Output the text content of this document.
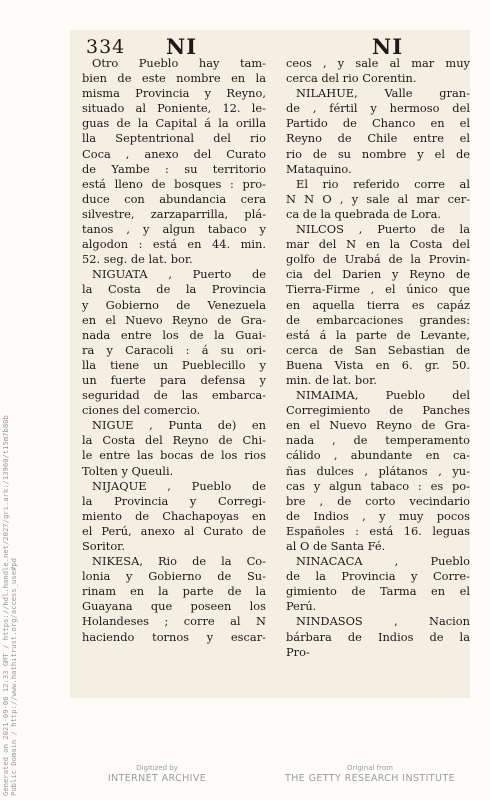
334 NI	NI
Otro Pueblo hay tam-
bien de este nombre en la
misma Provincia y Reyno,
situado al Poniente, 12. le-
guas de la Capital á la orilla
lla Septentrional del rio
Coca , anexo del Curato
de Yambe : su territorio
está lleno de bosques : pro-
duce con abundancia cera
silvestre, zarzaparrilla, plá-
tanos , y algun tabaco y
algodon : está en 44. min.
52. seg. de lat. bor.
NIGUATA , Puerto de
la Costa de la Provincia
y Gobierno de Venezuela
en el Nuevo Reyno de Gra-
nada entre los de la Guai-
ra y Caracoli : á su ori-
lla tiene un Pueblecillo y
un fuerte para defensa y
seguridad de las embarca-
ciones del comercio.
NIGUE , Punta de) en
la Costa del Reyno de Chi-
le entre las bocas de los rios
Tolten y Queuli.
NIJAQUE , Pueblo de
la Provincia y Corregi-
miento de Chachapoyas en
el Perú, anexo al Curato de
Soritor.
NIKESA, Rio de la Co-
lonia y Gobierno de Su-
rinam en la parte de la
Guayana que poseen los
Holandeses ; corre al N
haciendo tornos y escar-
ceos , y sale al mar muy
cerca del rio Corentin.
NILAHUE, Valle gran-
de , fértil y hermoso del
Partido de Chanco en el
Reyno de Chile entre el
rio de su nombre y el de
Mataquino.
El rio referido corre al
N N O , y sale al mar cer-
ca de la quebrada de Lora.
NILCOS , Puerto de la
mar del N en la Costa del
golfo de Urabá de la Provin-
cia del Darien y Reyno de
Tierra-Firme , el único que
en aquella tierra es capáz
de embarcaciones grandes:
está á la parte de Levante,
cerca de San Sebastian de
Buena Vista en 6. gr. 50.
min. de lat. bor.
NIMAIMA, Pueblo del
Corregimiento de Panches
en el Nuevo Reyno de Gra-
nada , de temperamento
cálido , abundante en ca-
ñas dulces , plátanos , yu-
cas y algun tabaco : es po-
bre , de corto vecindario
de Indios , y muy pocos
Españoles : está 16. leguas
al O de Santa Fé.
NINACACA , Pueblo
de la Provincia y Corre-
gimiento de Tarma en el
Perú.
NINDASOS , Nacion
bárbara de Indios de la
Pro-
Generated on 2021-09-06 12:33 GMT / https://hdl.handle.net/2027/gri.ark:/13960/t15m7b80b
Public Domain / http://www.hathitrust.org/access_use#pd	Digitized by
INTERNET ARCHIVE
Original from
THE GETTY RESEARCH INSTITUTE
